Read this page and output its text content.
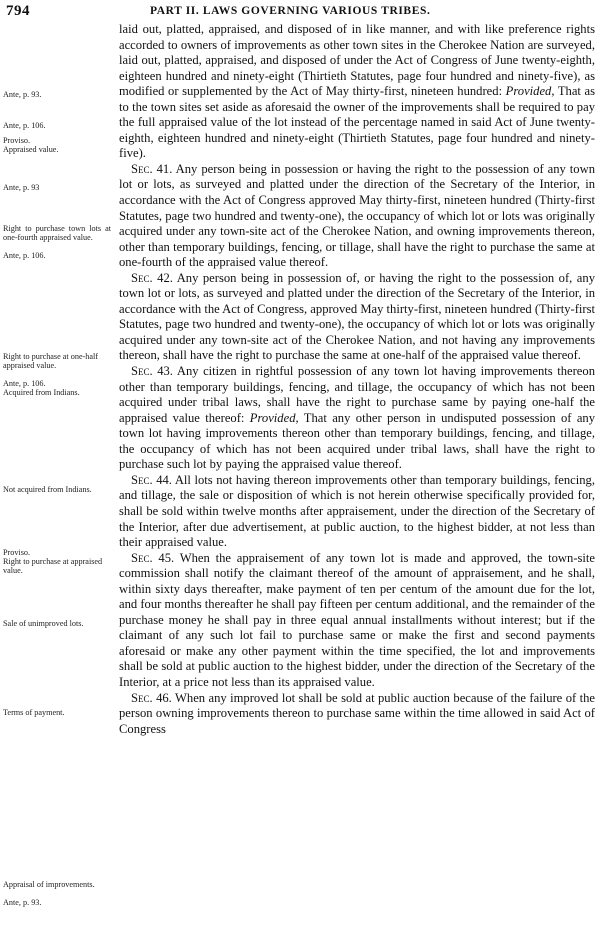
794	PART II. LAWS GOVERNING VARIOUS TRIBES.
Ante, p. 93.
Ante, p. 106.
Proviso.
Appraised value.
Ante, p. 93
Right to purchase town lots at one-fourth appraised value.
Ante, p. 106.
Right to purchase at one-half appraised value.
Ante, p. 106.
Acquired from Indians.
Not acquired from Indians.
Proviso.
Right to purchase at appraised value.
Sale of unimproved lots.
Terms of payment.
Appraisal of improvements.
Ante, p. 93.

laid out, platted, appraised, and disposed of in like manner, and with like preference rights accorded to owners of improvements as other town sites in the Cherokee Nation are surveyed, laid out, platted, appraised, and disposed of under the Act of Congress of June twenty-eighth, eighteen hundred and ninety-eight (Thirtieth Statutes, page four hundred and ninety-five), as modified or supplemented by the Act of May thirty-first, nineteen hundred: Provided, That as to the town sites set aside as aforesaid the owner of the improvements shall be required to pay the full appraised value of the lot instead of the percentage named in said Act of June twenty-eighth, eighteen hundred and ninety-eight (Thirtieth Statutes, page four hundred and ninety-five).

Sec. 41. Any person being in possession or having the right to the possession of any town lot or lots, as surveyed and platted under the direction of the Secretary of the Interior, in accordance with the Act of Congress approved May thirty-first, nineteen hundred (Thirty-first Statutes, page two hundred and twenty-one), the occupancy of which lot or lots was originally acquired under any town-site act of the Cherokee Nation, and owning improvements thereon, other than temporary buildings, fencing, or tillage, shall have the right to purchase the same at one-fourth of the appraised value thereof.

Sec. 42. Any person being in possession of, or having the right to the possession of, any town lot or lots, as surveyed and platted under the direction of the Secretary of the Interior, in accordance with the Act of Congress, approved May thirty-first, nineteen hundred (Thirty-first Statutes, page two hundred and twenty-one), the occupancy of which lot or lots was originally acquired under any town-site act of the Cherokee Nation, and not having any improvements thereon, shall have the right to purchase the same at one-half of the appraised value thereof.

Sec. 43. Any citizen in rightful possession of any town lot having improvements thereon other than temporary buildings, fencing, and tillage, the occupancy of which has not been acquired under tribal laws, shall have the right to purchase same by paying one-half the appraised value thereof: Provided, That any other person in undisputed possession of any town lot having improvements thereon other than temporary buildings, fencing, and tillage, the occupancy of which has not been acquired under tribal laws, shall have the right to purchase such lot by paying the appraised value thereof.

Sec. 44. All lots not having thereon improvements other than temporary buildings, fencing, and tillage, the sale or disposition of which is not herein otherwise specifically provided for, shall be sold within twelve months after appraisement, under the direction of the Secretary of the Interior, after due advertisement, at public auction, to the highest bidder, at not less than their appraised value.

Sec. 45. When the appraisement of any town lot is made and approved, the town-site commission shall notify the claimant thereof of the amount of appraisement, and he shall, within sixty days thereafter, make payment of ten per centum of the amount due for the lot, and four months thereafter he shall pay fifteen per centum additional, and the remainder of the purchase money he shall pay in three equal annual installments without interest; but if the claimant of any such lot fail to purchase same or make the first and second payments aforesaid or make any other payment within the time specified, the lot and improvements shall be sold at public auction to the highest bidder, under the direction of the Secretary of the Interior, at a price not less than its appraised value.

Sec. 46. When any improved lot shall be sold at public auction because of the failure of the person owning improvements thereon to purchase same within the time allowed in said Act of Congress
